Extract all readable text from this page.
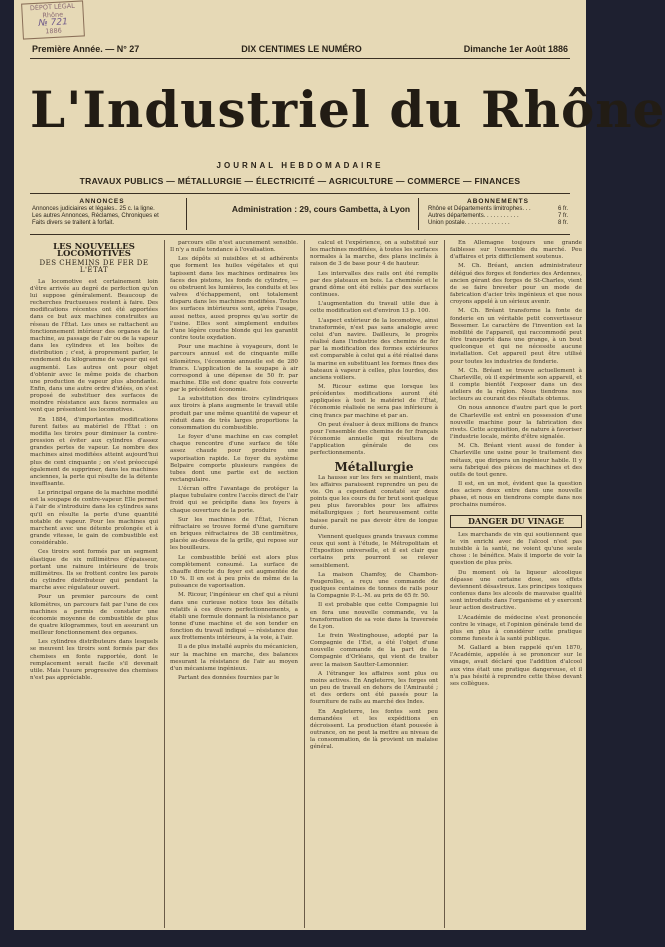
DÉPOT LÉGAL
Rhône
№ 721
1886
Première Année. — N° 27	DIX CENTIMES LE NUMÉRO	Dimanche 1er Août 1886
L'Industriel du Rhône
JOURNAL HEBDOMADAIRE
TRAVAUX PUBLICS — MÉTALLURGIE — ÉLECTRICITÉ — AGRICULTURE — COMMERCE — FINANCES
ANNONCES
Annonces judiciaires et légales.. 25 c. la ligne.
Les autres Annonces, Réclames, Chroniques et
Faits divers se traitent à forfait.
Administration : 29, cours Gambetta, à Lyon
ABONNEMENTS
Rhône et Départements limitrophes. . .	6 fr.
Autres départements. . . . . . . . . . .	7 fr.
Union postale. . . . . . . . . . . . . .	8 fr.
LES NOUVELLES LOCOMOTIVES
DES CHEMINS DE FER DE L'ÉTAT

La locomotive est certainement loin d'être arrivée au degré de perfection qu'on lui suppose généralement. Beaucoup de recherches fructueuses restent à faire. Des modifications récentes ont été apportées dans ce but aux machines construites au réseau de l'État. Les unes se rattachent au fonctionnement intérieur des organes de la machine, au passage de l'air ou de la vapeur dans les cylindres et les boîtes de distribution ; c'est, à proprement parler, le rendement du kilogramme de vapeur qui est augmenté. Les autres ont pour objet d'obtenir avec le même poids de charbon une production de vapeur plus abondante. Enfin, dans une autre ordre d'idées, on s'est proposé de substituer des surfaces de moindre résistance aux faces normales au vent que présentent les locomotives.

En 1884, d'importantes modifications furent faites au matériel de l'État : on modifia les tiroirs pour diminuer la contre-pression et éviter aux cylindres d'assez grandes pertes de vapeur. Le nombre des machines ainsi modifiées atteint aujourd'hui plus de cent cinquante ; on s'est préoccupé également de supprimer, dans les machines anciennes, la perte qui résulte de la détente insuffisante.

Le principal organe de la machine modifié est la soupape de contre-vapeur. Elle permet à l'air de s'introduire dans les cylindres sans qu'il en résulte la perte d'une quantité notable de vapeur. Pour les machines qui marchent avec une détente prolongée et à grande vitesse, le gain de combustible est considérable.

Ces tiroirs sont formés par un segment élastique de six millimètres d'épaisseur, portant une rainure intérieure de trois millimètres. Ils se frottent contre les parois du cylindre distributeur qui pendant la marche avec régulateur ouvert.

Pour un premier parcours de cent kilomètres, un parcours fait par l'une de ces machines a permis de constater une économie moyenne de combustible de plus de quatre kilogrammes, tout en assurant un meilleur fonctionnement des organes.

Les cylindres distributeurs dans lesquels se meuvent les tiroirs sont formés par des chemises en fonte rapportée, dont le remplacement serait facile s'il devenait utile. Mais l'usure progressive des chemises n'est pas appréciable.

parcours elle n'est aucunement sensible. Il n'y a nulle tendance à l'ovalisation.

Les dépôts si nuisibles et si adhérents que forment les huiles végétales et qui tapissent dans les machines ordinaires les faces des pistons, les fonds de cylindre, — ou obstruent les lumières, les conduits et les valves d'échappement, ont totalement disparu dans les machines modifiées. Toutes les surfaces intérieures sont, après l'usage, aussi nettes, aussi propres qu'au sortir de l'usine. Elles sont simplement enduites d'une légère couche blonde qui les garantit contre toute oxydation.

Pour une machine à voyageurs, dont le parcours annuel est de cinquante mille kilomètres, l'économie annuelle est de 280 francs. L'application de la soupape à air correspond à une dépense de 50 fr. par machine. Elle est donc quatre fois couverte par le précédent économie.

La substitution des tiroirs cylindriques aux tiroirs à plans augmente le travail utile produit par une même quantité de vapeur et réduit dans de très larges proportions la consommation du combustible.

Le foyer d'une machine en cas complet chaque rencontre d'une surface de tôle assez chaude pour produire une vaporisation rapide. Le foyer du système Belpaire comporte plusieurs rangées de tubes dont une partie est de section rectangulaire.

L'écran offre l'avantage de protéger la plaque tubulaire contre l'accès direct de l'air froid qui se précipite dans les foyers à chaque ouverture de la porte.

Sur les machines de l'État, l'écran réfractaire se trouve formé d'une garniture en briques réfractaires de 38 centimètres, placée au-dessus de la grille, qui repose sur les bouilleurs.

Le combustible brûlé est alors plus complètement consumé. La surface de chauffe directe du foyer est augmentée de 10 %. Il en est à peu près de même de la puissance de vaporisation.

M. Ricour, l'ingénieur en chef qui a réuni dans une curieuse notice tous les détails relatifs à ces divers perfectionnements, a établi une formule donnant la résistance par tonne d'une machine et de son tender en fonction du travail indiqué — résistance due aux frottements intérieurs, à la voie, à l'air.

Il a de plus installé auprès du mécanicien, sur la machine en marche, des balances mesurant la résistance de l'air au moyen d'un mécanisme ingénieux.

Partant des données fournies par le

calcul et l'expérience, on a substitué sur les machines modifiées, à toutes les surfaces normales à la marche, des plans inclinés à raison de 3 de base pour 4 de hauteur.

Les intervalles des rails ont été remplis par des plateaux en bois. La cheminée et le grand dôme ont été reliés par des surfaces continues.

L'augmentation du travail utile due à cette modification est d'environ 13 p. 100.

L'aspect extérieur de la locomotive, ainsi transformée, n'est pas sans analogie avec celui d'un navire. Dailleurs, le progrès réalisé dans l'industrie des chemins de fer par la modification des formes extérieures est comparable à celui qui a été réalisé dans la marine en substituant les formes fines des bateaux à vapeur à celles, plus lourdes, des anciens voiliers.

M. Ricour estime que lorsque les précédentes modifications auront été appliquées à tout le matériel de l'État, l'économie réalisée ne sera pas inférieure à cinq francs par machine et par an.

On peut évaluer à deux millions de francs pour l'ensemble des chemins de fer français l'économie annuelle qui résultera de l'application générale de ces perfectionnements.

Métallurgie

La hausse sur les fers se maintient, mais les affaires paraissent reprendre un peu de vie. On a cependant constaté sur deux points que les cours du fer brut sont quelque peu plus favorables pour les affaires métallurgiques ; fort heureusement cette baisse paraît ne pas devoir être de longue durée.

Viennent quelques grands travaux comme ceux qui sont à l'étude, le Métropolitain et l'Exposition universelle, et il est clair que certains prix pourront se relever sensiblement.

La maison Chamfoy, de Chambon-Feugerolles, a reçu une commande de quelques centaines de tonnes de rails pour la Compagnie P.-L.-M. au prix de 65 fr. 50.

Il est probable que cette Compagnie lui en fera une nouvelle commande, vu la transformation de sa voie dans la traversée de Lyon.

Le frein Westinghouse, adopté par la Compagnie de l'Est, a été l'objet d'une nouvelle commande de la part de la Compagnie d'Orléans, qui vient de traiter avec la maison Sautter-Lemonnier.

A l'étranger les affaires sont plus ou moins actives. En Angleterre, les forges ont un peu de travail en dehors de l'Amirauté ; et des orders ont été passés pour la fourniture de rails au marché des Indes.

En Angleterre, les fontes sont peu demandées et les expéditions en décroissent. La production étant poussée à outrance, on ne peut la mettre au niveau de la consommation, de là provient un malaise général.

En Allemagne toujours une grande faiblesse sur l'ensemble du marché. Peu d'affaires et prix difficilement soutenus.

M. Ch. Bréant, ancien administrateur délégué des forges et fonderies des Ardennes, ancien gérant des forges de St-Charles, vient de se faire breveter pour un mode de fabrication d'acier très ingénieux et que nous croyons appelé à un sérieux avenir.

M. Ch. Bréant transforme la fonte de fonderie en un véritable petit convertisseur Bessemer. Le caractère de l'invention est la mobilité de l'appareil, qui raccommodé peut être transporté dans une grange, à un bout quelconque et qui ne nécessite aucune installation. Cet appareil peut être utilisé pour toutes les industries de fonderie.

M. Ch. Bréant se trouve actuellement à Charleville, où il expérimente son appareil, et il compte bientôt l'exposer dans un des ateliers de la région. Nous tiendrons nos lecteurs au courant des résultats obtenus.

On nous annonce d'autre part que le port de Charleville est entré en possession d'une nouvelle machine pour la fabrication des rivets. Cette acquisition, de nature à favoriser l'industrie locale, mérite d'être signalée.

M. Ch. Bréant vient aussi de fonder à Charleville une usine pour le traitement des métaux, que dirigera un ingénieur habile. Il y sera fabriqué des pièces de machines et des outils de tout genre.

Il est, en un mot, évident que la question des aciers doux entre dans une nouvelle phase, et nous en tiendrons compte dans nos prochains numéros.

DANGER DU VINAGE

Les marchands de vin qui soutiennent que le vin enrichi avec de l'alcool n'est pas nuisible à la santé, ne voient qu'une seule chose : le bénéfice. Mais il importe de voir la question de plus près.

Du moment où la liqueur alcoolique dépasse une certaine dose, ses effets deviennent désastreux. Les principes toxiques contenus dans les alcools de mauvaise qualité sont introduits dans l'organisme et y exercent leur action destructive.

L'Académie de médecine s'est prononcée contre le vinage, et l'opinion générale tend de plus en plus à considérer cette pratique comme funeste à la santé publique.

M. Gallard a bien rappelé qu'en 1870, l'Académie, appelée à se prononcer sur le vinage, avait déclaré que l'addition d'alcool aux vins était une pratique dangereuse, et il n'a pas hésité à reprendre cette thèse devant ses collègues.
